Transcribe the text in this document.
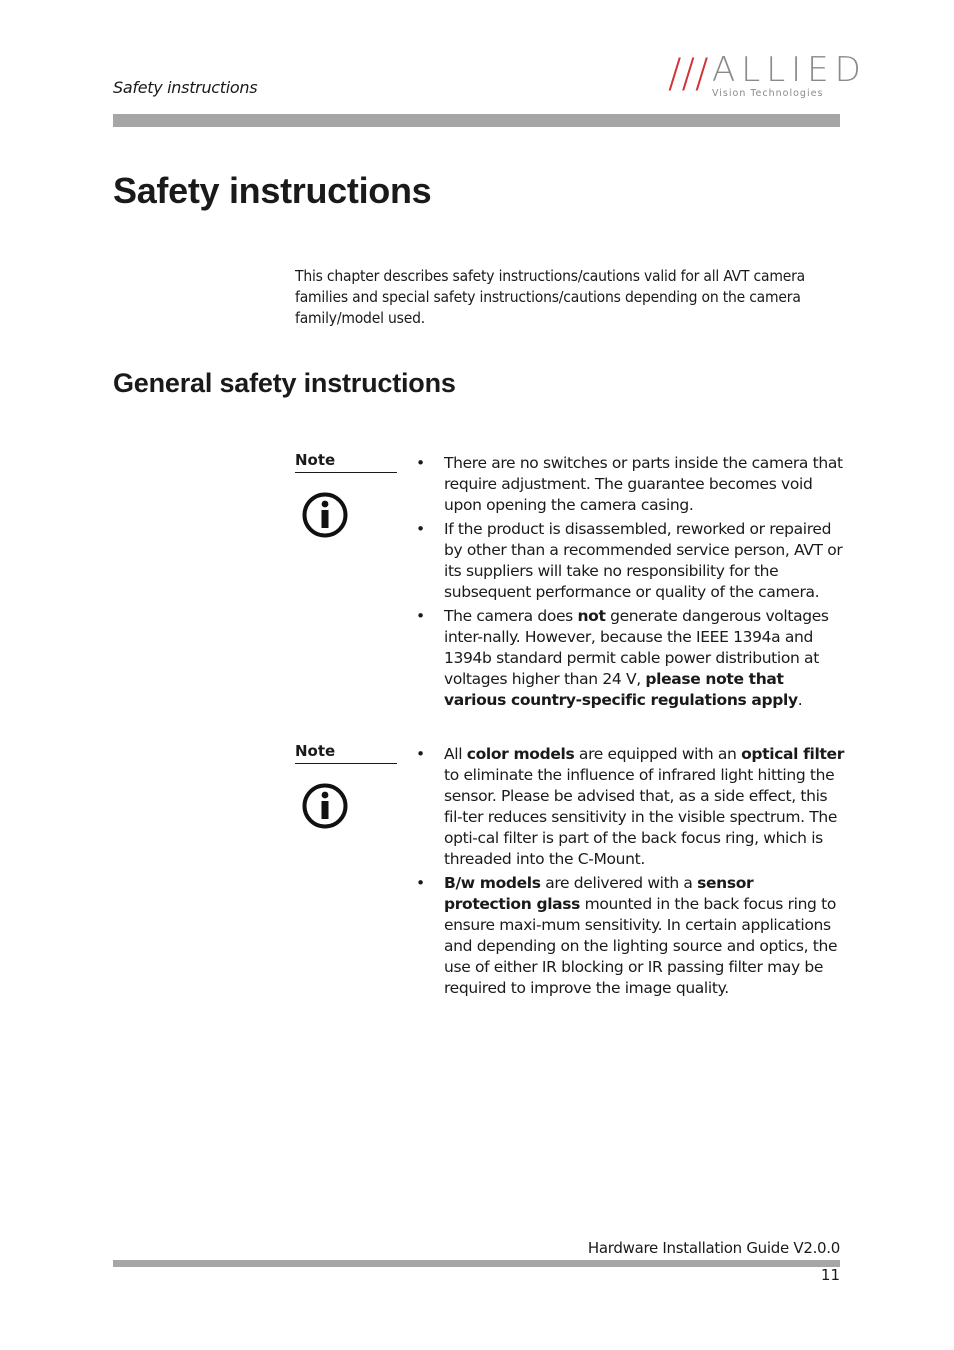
Safety instructions	/// ALLIED
Vision Technologies
Safety instructions
This chapter describes safety instructions/cautions valid for all AVT camera families and special safety instructions/cautions depending on the camera family/model used.
General safety instructions
Note	• There are no switches or parts inside the camera that require adjustment. The guarantee becomes void upon opening the camera casing.
• If the product is disassembled, reworked or repaired by other than a recommended service person, AVT or its suppliers will take no responsibility for the subsequent performance or quality of the camera.
• The camera does not generate dangerous voltages inter-nally. However, because the IEEE 1394a and 1394b standard permit cable power distribution at voltages higher than 24 V, please note that various country-specific regulations apply.
Note	• All color models are equipped with an optical filter to eliminate the influence of infrared light hitting the sensor. Please be advised that, as a side effect, this fil-ter reduces sensitivity in the visible spectrum. The opti-cal filter is part of the back focus ring, which is threaded into the C-Mount.
• B/w models are delivered with a sensor protection glass mounted in the back focus ring to ensure maxi-mum sensitivity. In certain applications and depending on the lighting source and optics, the use of either IR blocking or IR passing filter may be required to improve the image quality.
Hardware Installation Guide V2.0.0
11
